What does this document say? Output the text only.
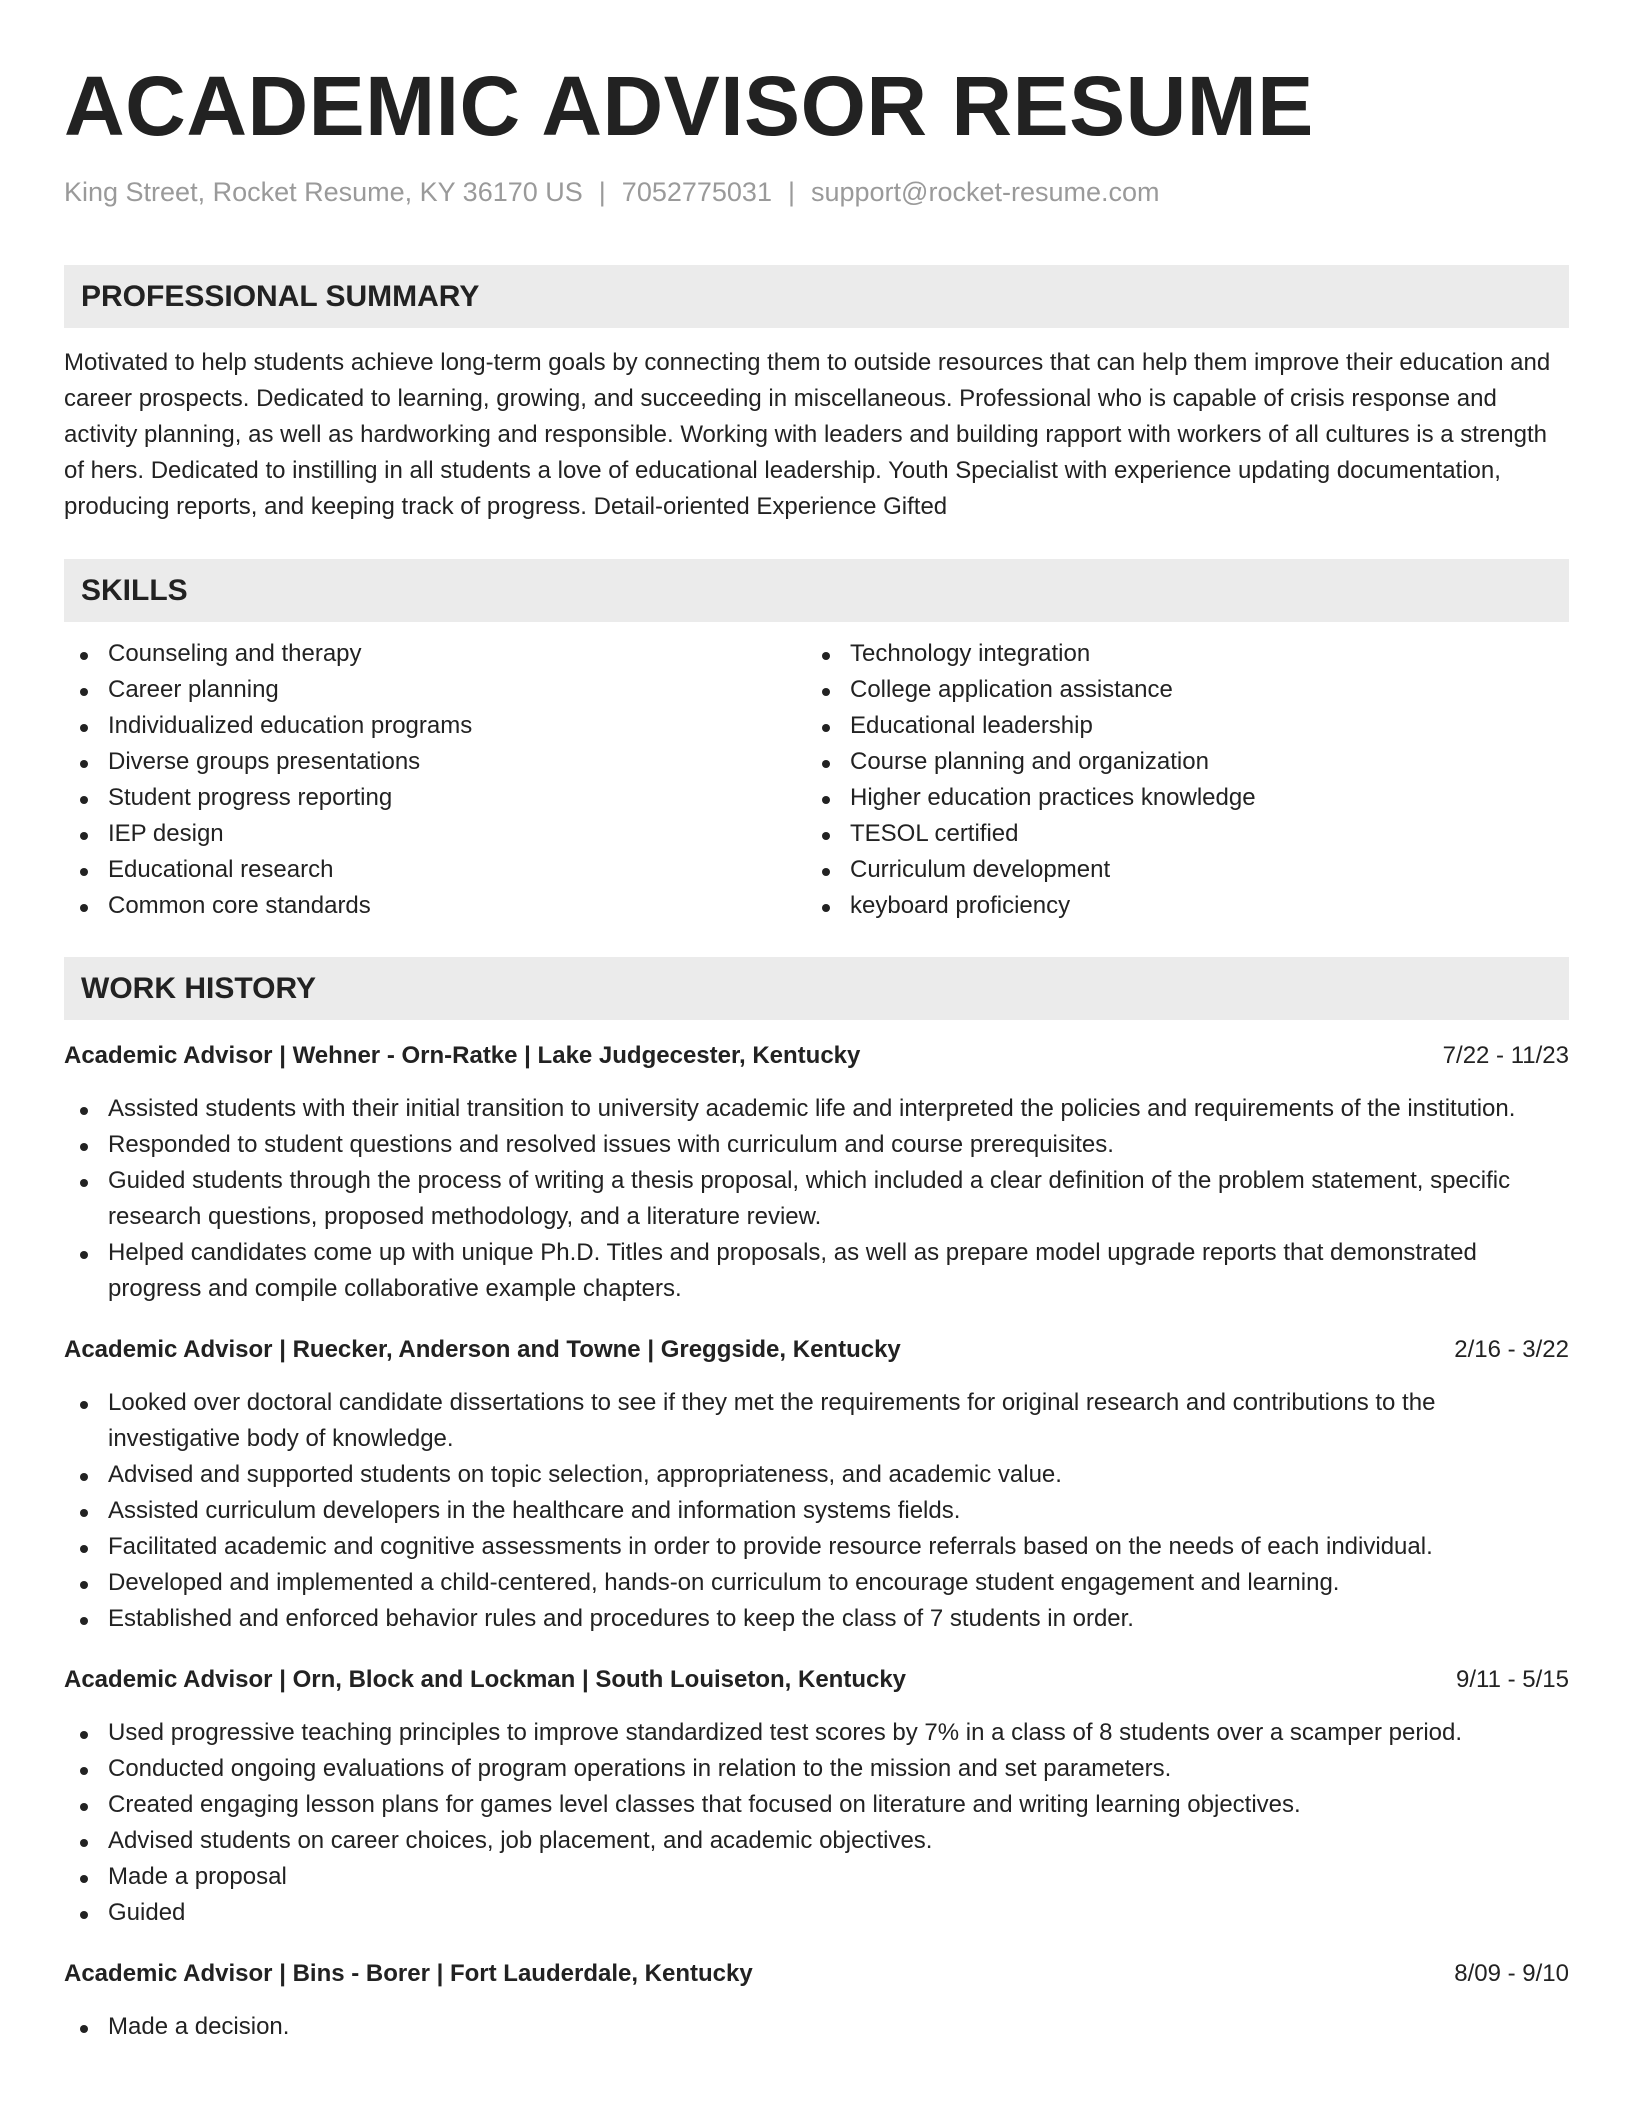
ACADEMIC ADVISOR RESUME
King Street, Rocket Resume, KY 36170 US | 7052775031 | support@rocket-resume.com
PROFESSIONAL SUMMARY

Motivated to help students achieve long-term goals by connecting them to outside resources that can help them improve their education and career prospects. Dedicated to learning, growing, and succeeding in miscellaneous. Professional who is capable of crisis response and activity planning, as well as hardworking and responsible. Working with leaders and building rapport with workers of all cultures is a strength of hers. Dedicated to instilling in all students a love of educational leadership. Youth Specialist with experience updating documentation, producing reports, and keeping track of progress. Detail-oriented Experience Gifted

SKILLS
Counseling and therapy
Career planning
Individualized education programs
Diverse groups presentations
Student progress reporting
IEP design
Educational research
Common core standards
Technology integration
College application assistance
Educational leadership
Course planning and organization
Higher education practices knowledge
TESOL certified
Curriculum development
keyboard proficiency
WORK HISTORY
Academic Advisor | Wehner - Orn-Ratke | Lake Judgecester, Kentucky	7/22 - 11/23
Assisted students with their initial transition to university academic life and interpreted the policies and requirements of the institution.
Responded to student questions and resolved issues with curriculum and course prerequisites.
Guided students through the process of writing a thesis proposal, which included a clear definition of the problem statement, specific research questions, proposed methodology, and a literature review.
Helped candidates come up with unique Ph.D. Titles and proposals, as well as prepare model upgrade reports that demonstrated progress and compile collaborative example chapters.
Academic Advisor | Ruecker, Anderson and Towne | Greggside, Kentucky	2/16 - 3/22
Looked over doctoral candidate dissertations to see if they met the requirements for original research and contributions to the investigative body of knowledge.
Advised and supported students on topic selection, appropriateness, and academic value.
Assisted curriculum developers in the healthcare and information systems fields.
Facilitated academic and cognitive assessments in order to provide resource referrals based on the needs of each individual.
Developed and implemented a child-centered, hands-on curriculum to encourage student engagement and learning.
Established and enforced behavior rules and procedures to keep the class of 7 students in order.
Academic Advisor | Orn, Block and Lockman | South Louiseton, Kentucky	9/11 - 5/15
Used progressive teaching principles to improve standardized test scores by 7% in a class of 8 students over a scamper period.
Conducted ongoing evaluations of program operations in relation to the mission and set parameters.
Created engaging lesson plans for games level classes that focused on literature and writing learning objectives.
Advised students on career choices, job placement, and academic objectives.
Made a proposal
Guided
Academic Advisor | Bins - Borer | Fort Lauderdale, Kentucky	8/09 - 9/10
Made a decision.
